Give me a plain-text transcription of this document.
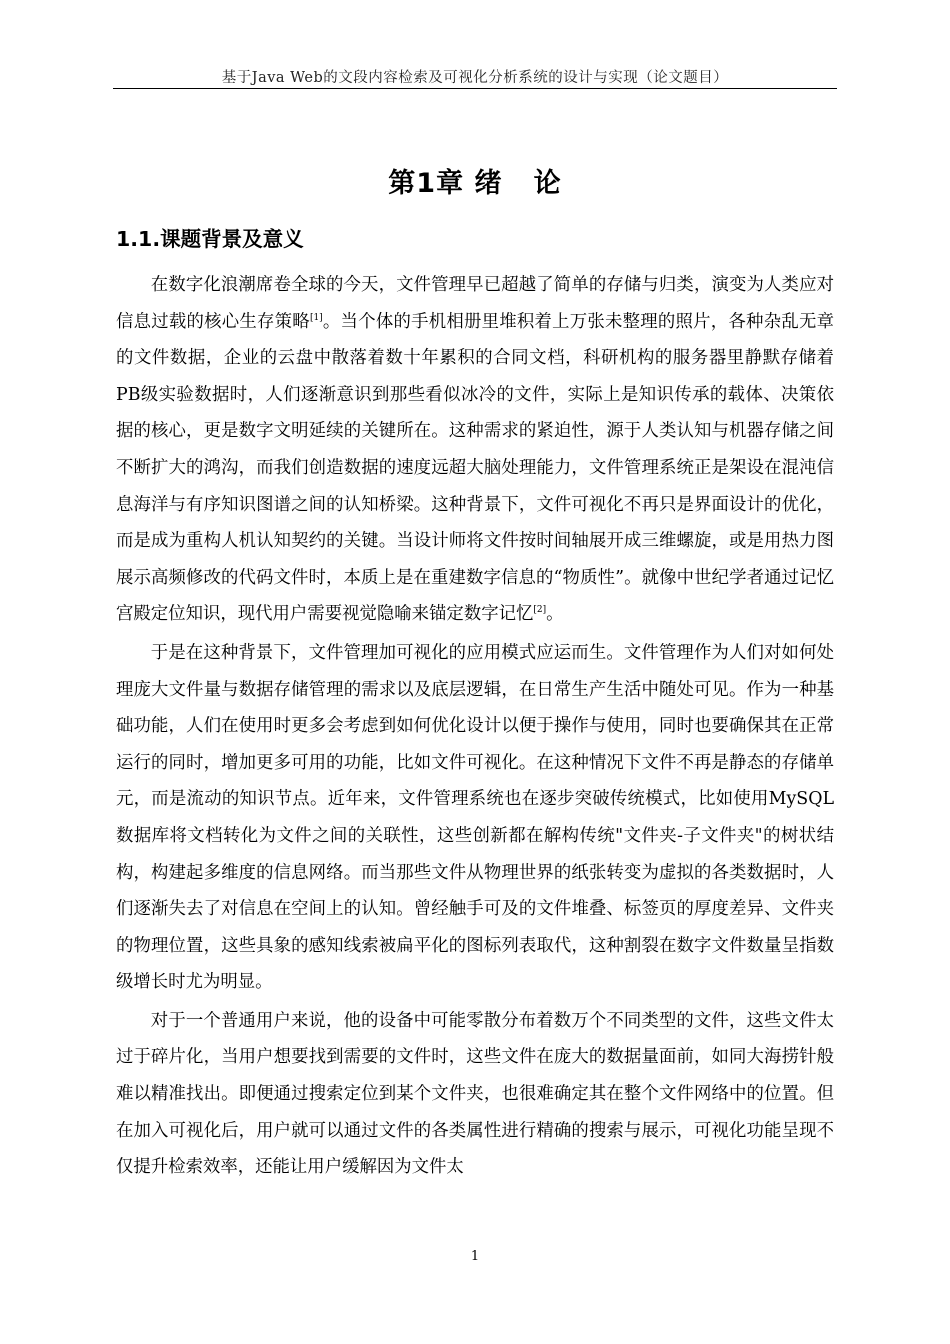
基于Java Web的文段内容检索及可视化分析系统的设计与实现（论文题目）
第1章 绪   论
1.1.课题背景及意义

在数字化浪潮席卷全球的今天，文件管理早已超越了简单的存储与归类，演变为人类应对信息过载的核心生存策略[1]。当个体的手机相册里堆积着上万张未整理的照片，各种杂乱无章的文件数据，企业的云盘中散落着数十年累积的合同文档，科研机构的服务器里静默存储着PB级实验数据时，人们逐渐意识到那些看似冰冷的文件，实际上是知识传承的载体、决策依据的核心，更是数字文明延续的关键所在。这种需求的紧迫性，源于人类认知与机器存储之间不断扩大的鸿沟，而我们创造数据的速度远超大脑处理能力，文件管理系统正是架设在混沌信息海洋与有序知识图谱之间的认知桥梁。这种背景下，文件可视化不再只是界面设计的优化，而是成为重构人机认知契约的关键。当设计师将文件按时间轴展开成三维螺旋，或是用热力图展示高频修改的代码文件时，本质上是在重建数字信息的“物质性”。就像中世纪学者通过记忆宫殿定位知识，现代用户需要视觉隐喻来锚定数字记忆[2]。

于是在这种背景下，文件管理加可视化的应用模式应运而生。文件管理作为人们对如何处理庞大文件量与数据存储管理的需求以及底层逻辑，在日常生产生活中随处可见。作为一种基础功能，人们在使用时更多会考虑到如何优化设计以便于操作与使用，同时也要确保其在正常运行的同时，增加更多可用的功能，比如文件可视化。在这种情况下文件不再是静态的存储单元，而是流动的知识节点。近年来，文件管理系统也在逐步突破传统模式，比如使用MySQL数据库将文档转化为文件之间的关联性，这些创新都在解构传统"文件夹-子文件夹"的树状结构，构建起多维度的信息网络。而当那些文件从物理世界的纸张转变为虚拟的各类数据时，人们逐渐失去了对信息在空间上的认知。曾经触手可及的文件堆叠、标签页的厚度差异、文件夹的物理位置，这些具象的感知线索被扁平化的图标列表取代，这种割裂在数字文件数量呈指数级增长时尤为明显。

对于一个普通用户来说，他的设备中可能零散分布着数万个不同类型的文件，这些文件太过于碎片化，当用户想要找到需要的文件时，这些文件在庞大的数据量面前，如同大海捞针般难以精准找出。即便通过搜索定位到某个文件夹，也很难确定其在整个文件网络中的位置。但在加入可视化后，用户就可以通过文件的各类属性进行精确的搜索与展示，可视化功能呈现不仅提升检索效率，还能让用户缓解因为文件太

1
